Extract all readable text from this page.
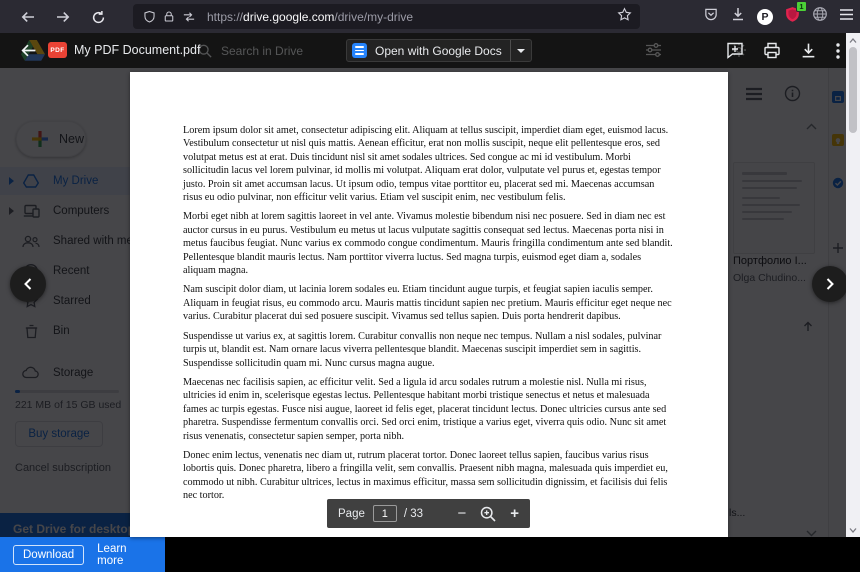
https://drive.google.com/drive/my-drive	P
1
Download	Learn more
PDF My PDF Document.pdf Search in Drive	Open with Google Docs

Lorem ipsum dolor sit amet, consectetur adipiscing elit. Aliquam at tellus suscipit, imperdiet diam eget, euismod lacus. Vestibulum consectetur ut nisl quis mattis. Aenean efficitur, erat non mollis suscipit, neque elit pellentesque eros, sed volutpat metus est at erat. Duis tincidunt nisl sit amet sodales ultrices. Sed congue ac mi id vestibulum. Morbi sollicitudin lacus vel lorem pulvinar, id mollis mi volutpat. Aliquam erat dolor, vulputate vel purus et, egestas tempor justo. Proin sit amet accumsan lacus. Ut ipsum odio, tempus vitae porttitor eu, placerat sed mi. Maecenas accumsan risus eu odio pulvinar, non efficitur velit varius. Etiam vel suscipit enim, nec vestibulum felis.

Morbi eget nibh at lorem sagittis laoreet in vel ante. Vivamus molestie bibendum nisi nec posuere. Sed in diam nec est auctor cursus in eu purus. Vestibulum eu metus ut lacus vulputate sagittis consequat sed lectus. Maecenas porta nisi in metus faucibus feugiat. Nunc varius ex commodo congue condimentum. Mauris fringilla condimentum ante sed blandit. Pellentesque blandit mauris lectus. Nam porttitor viverra luctus. Sed magna turpis, euismod eget diam a, sodales aliquam magna.

Nam suscipit dolor diam, ut lacinia lorem sodales eu. Etiam tincidunt augue turpis, et feugiat sapien iaculis semper. Aliquam in feugiat risus, eu commodo arcu. Mauris mattis tincidunt sapien nec pretium. Mauris efficitur eget neque nec varius. Curabitur placerat dui sed posuere suscipit. Vivamus sed tellus sapien. Duis porta hendrerit dapibus.

Suspendisse ut varius ex, at sagittis lorem. Curabitur convallis non neque nec tempus. Nullam a nisl sodales, pulvinar turpis ut, blandit est. Nam ornare lacus viverra pellentesque blandit. Maecenas suscipit imperdiet sem in sagittis. Suspendisse sollicitudin quam mi. Nunc cursus magna augue.

Maecenas nec facilisis sapien, ac efficitur velit. Sed a ligula id arcu sodales rutrum a molestie nisl. Nulla mi risus, ultricies id enim in, scelerisque egestas lectus. Pellentesque habitant morbi tristique senectus et netus et malesuada fames ac turpis egestas. Fusce nisi augue, laoreet id felis eget, placerat tincidunt lectus. Donec ultricies cursus ante sed pharetra. Suspendisse fermentum convallis orci. Sed orci enim, tristique a varius eget, viverra quis odio. Nunc sit amet risus venenatis, consectetur sapien semper, porta nibh.

Donec enim lectus, venenatis nec diam ut, rutrum placerat tortor. Donec laoreet tellus sapien, faucibus varius risus lobortis quis. Donec pharetra, libero a fringilla velit, sem convallis. Praesent nibh magna, malesuada quis imperdiet eu, commodo ut nibh. Curabitur ultrices, lectus in maximus efficitur, massa sem sollicitudin dignissim, et facilisis dui felis nec tortor.

Page
1	/ 33 −	+
